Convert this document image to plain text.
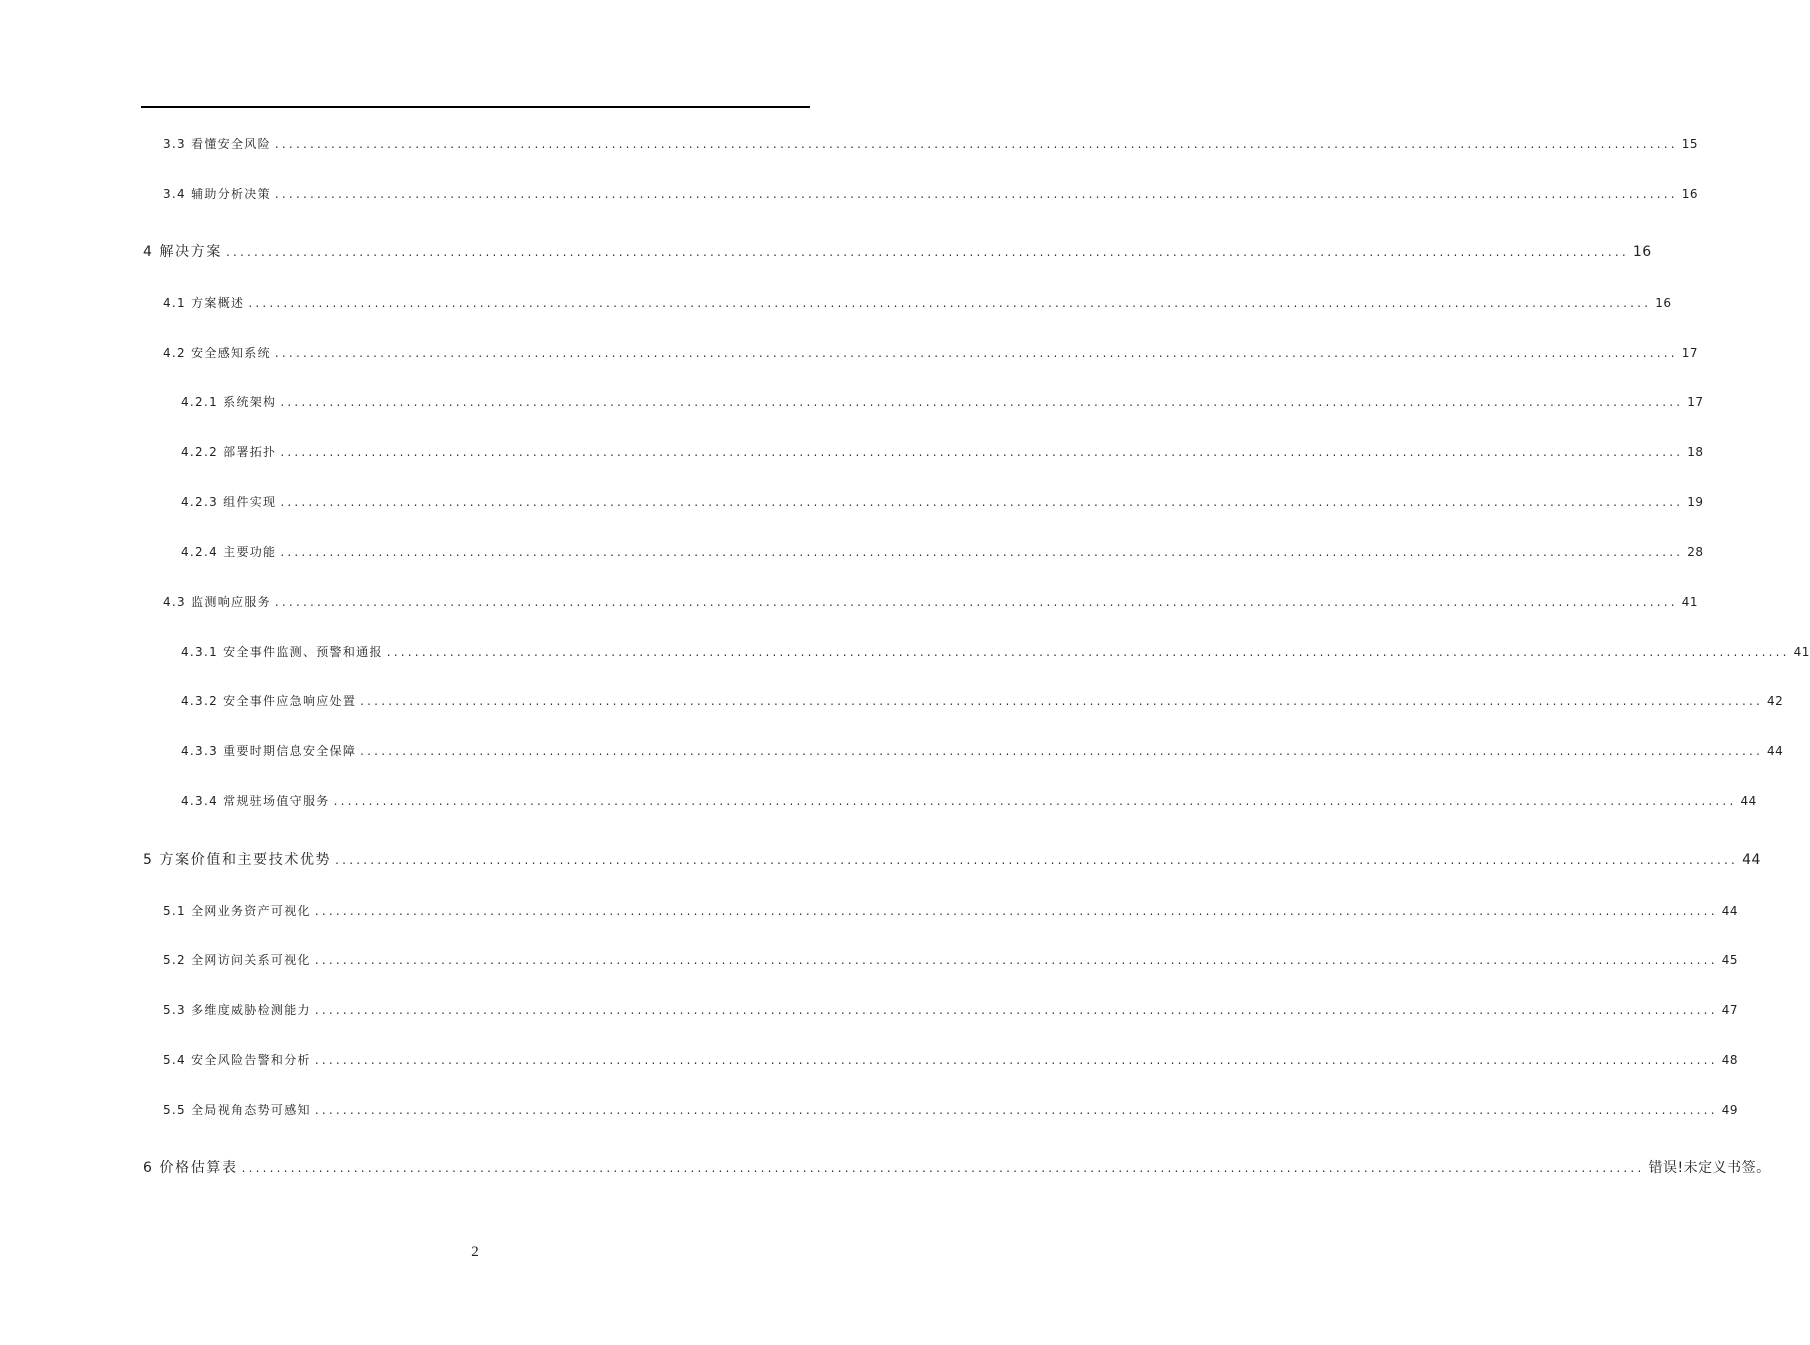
3.3 看懂安全风险 ........................................................................................................................................................................................................ 15
3.4 辅助分析决策 ........................................................................................................................................................................................................ 16
4 解决方案 ........................................................................................................................................................................................................ 16
4.1 方案概述 ........................................................................................................................................................................................................ 16
4.2 安全感知系统 ........................................................................................................................................................................................................ 17
4.2.1 系统架构 ........................................................................................................................................................................................................ 17
4.2.2 部署拓扑 ........................................................................................................................................................................................................ 18
4.2.3 组件实现 ........................................................................................................................................................................................................ 19
4.2.4 主要功能 ........................................................................................................................................................................................................ 28
4.3 监测响应服务 ........................................................................................................................................................................................................ 41
4.3.1 安全事件监测、预警和通报 ........................................................................................................................................................................................................ 41
4.3.2 安全事件应急响应处置 ........................................................................................................................................................................................................ 42
4.3.3 重要时期信息安全保障 ........................................................................................................................................................................................................ 44
4.3.4 常规驻场值守服务 ........................................................................................................................................................................................................ 44
5 方案价值和主要技术优势 ........................................................................................................................................................................................................ 44
5.1 全网业务资产可视化 ........................................................................................................................................................................................................ 44
5.2 全网访问关系可视化 ........................................................................................................................................................................................................ 45
5.3 多维度威胁检测能力 ........................................................................................................................................................................................................ 47
5.4 安全风险告警和分析 ........................................................................................................................................................................................................ 48
5.5 全局视角态势可感知 ........................................................................................................................................................................................................ 49
6 价格估算表 ........................................................................................................................................................................................................ 错误!未定义书签。
2
